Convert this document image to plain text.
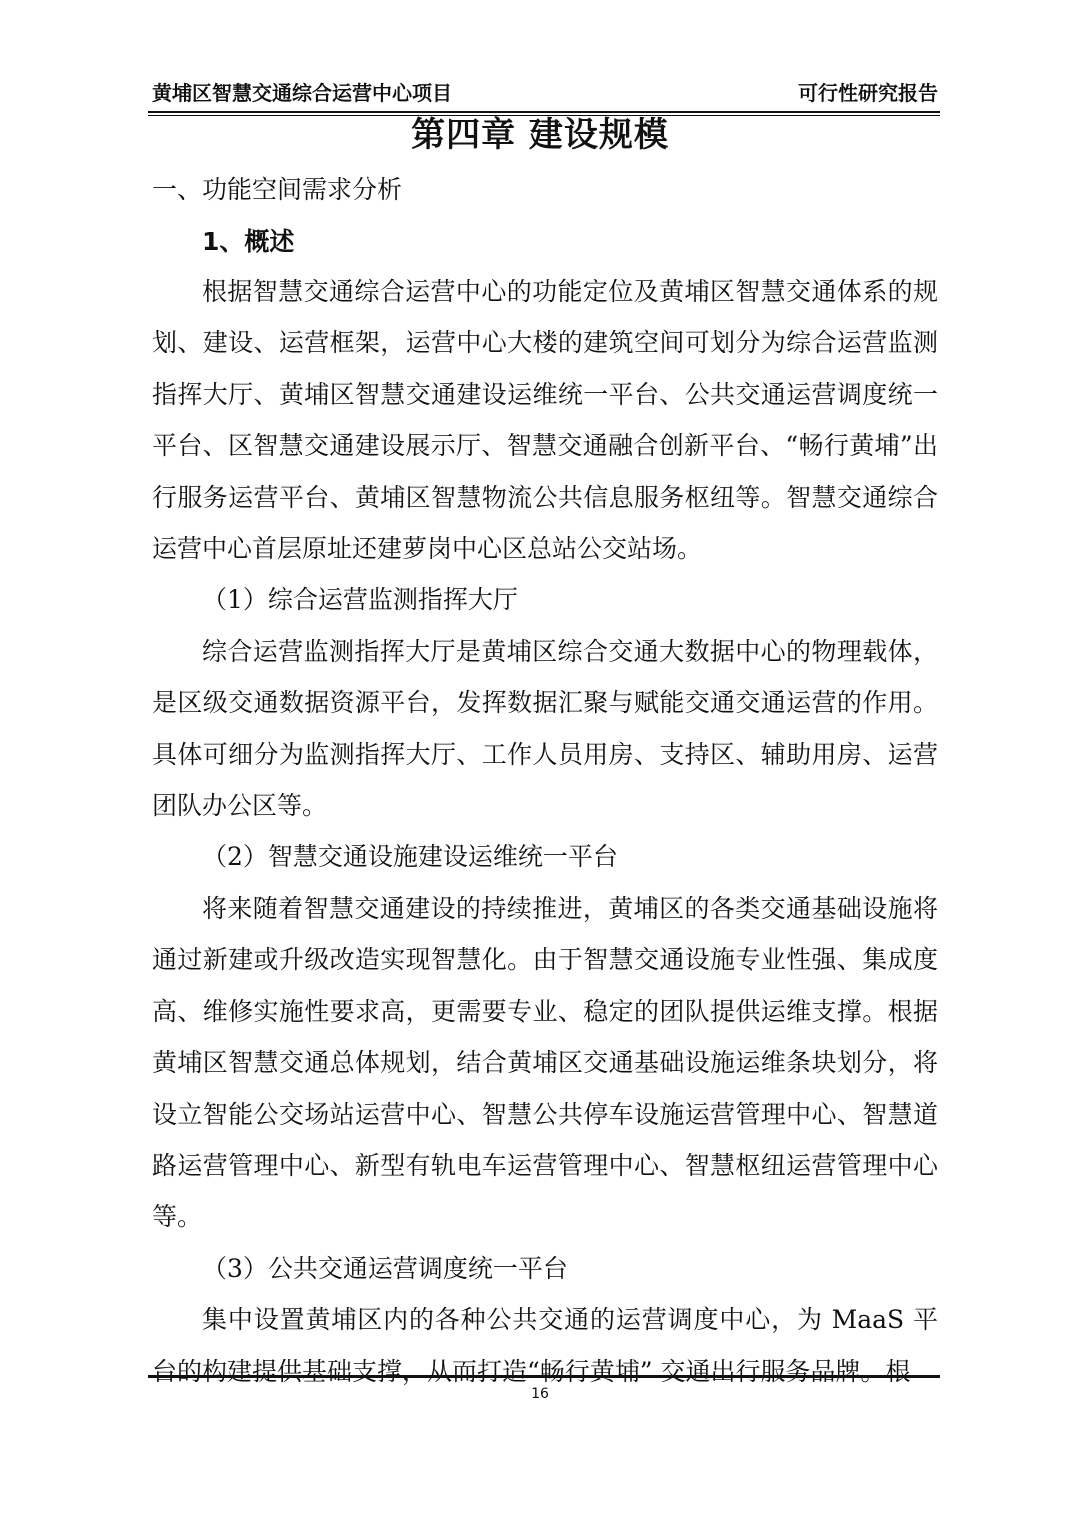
黄埔区智慧交通综合运营中心项目	可行性研究报告
第四章 建设规模
一、功能空间需求分析
1、概述

根据智慧交通综合运营中心的功能定位及黄埔区智慧交通体系的规划、建设、运营框架，运营中心大楼的建筑空间可划分为综合运营监测指挥大厅、黄埔区智慧交通建设运维统一平台、公共交通运营调度统一平台、区智慧交通建设展示厅、智慧交通融合创新平台、“畅行黄埔”出行服务运营平台、黄埔区智慧物流公共信息服务枢纽等。智慧交通综合运营中心首层原址还建萝岗中心区总站公交站场。

（1）综合运营监测指挥大厅

综合运营监测指挥大厅是黄埔区综合交通大数据中心的物理载体，是区级交通数据资源平台，发挥数据汇聚与赋能交通交通运营的作用。具体可细分为监测指挥大厅、工作人员用房、支持区、辅助用房、运营团队办公区等。

（2）智慧交通设施建设运维统一平台

将来随着智慧交通建设的持续推进，黄埔区的各类交通基础设施将通过新建或升级改造实现智慧化。由于智慧交通设施专业性强、集成度高、维修实施性要求高，更需要专业、稳定的团队提供运维支撑。根据黄埔区智慧交通总体规划，结合黄埔区交通基础设施运维条块划分，将设立智能公交场站运营中心、智慧公共停车设施运营管理中心、智慧道路运营管理中心、新型有轨电车运营管理中心、智慧枢纽运营管理中心等。

（3）公共交通运营调度统一平台

集中设置黄埔区内的各种公共交通的运营调度中心，为 MaaS 平台的构建提供基础支撑，从而打造“畅行黄埔” 交通出行服务品牌。根

16
